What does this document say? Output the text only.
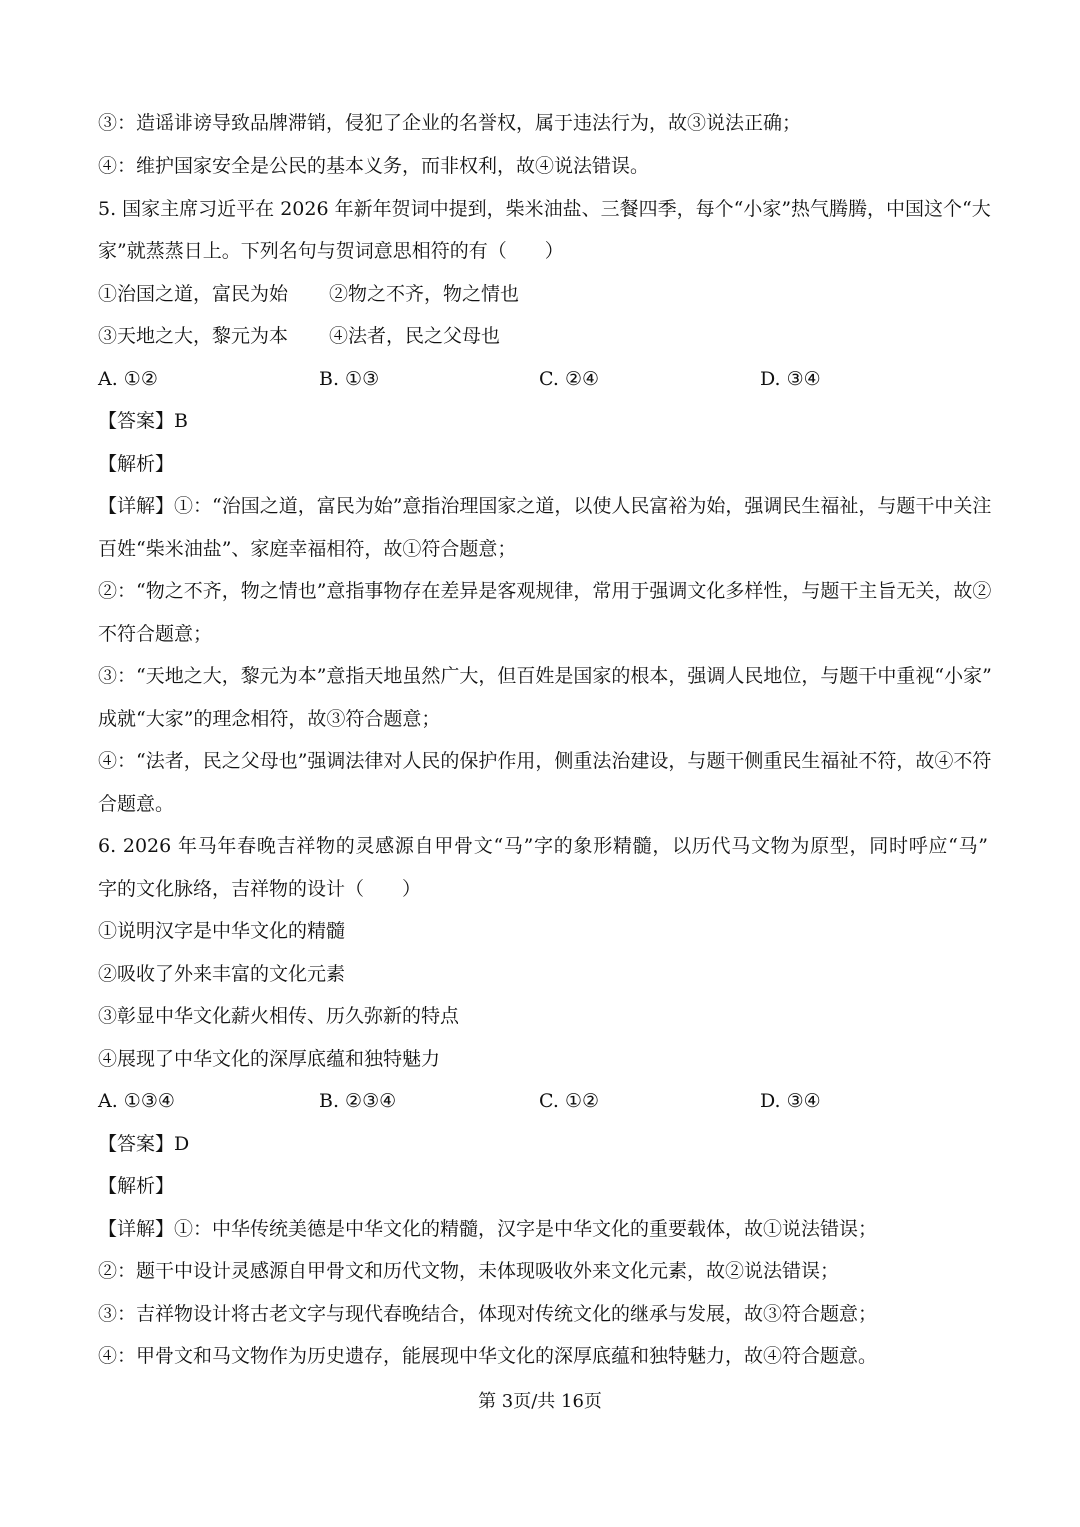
③：造谣诽谤导致品牌滞销，侵犯了企业的名誉权，属于违法行为，故③说法正确；
④：维护国家安全是公民的基本义务，而非权利，故④说法错误。
5. 国家主席习近平在 2026 年新年贺词中提到，柴米油盐、三餐四季，每个“小家”热气腾腾，中国这个“大
家”就蒸蒸日上。下列名句与贺词意思相符的有（　　）
①治国之道，富民为始 ②物之不齐，物之情也
③天地之大，黎元为本 ④法者，民之父母也
A. ①②	B. ①③	C. ②④	D. ③④
【答案】B
【解析】
【详解】①：“治国之道，富民为始”意指治理国家之道，以使人民富裕为始，强调民生福祉，与题干中关注
百姓“柴米油盐”、家庭幸福相符，故①符合题意；
②：“物之不齐，物之情也”意指事物存在差异是客观规律，常用于强调文化多样性，与题干主旨无关，故②
不符合题意；
③：“天地之大，黎元为本”意指天地虽然广大，但百姓是国家的根本，强调人民地位，与题干中重视“小家”
成就“大家”的理念相符，故③符合题意；
④：“法者，民之父母也”强调法律对人民的保护作用，侧重法治建设，与题干侧重民生福祉不符，故④不符
合题意。
6. 2026 年马年春晚吉祥物的灵感源自甲骨文“马”字的象形精髓，以历代马文物为原型，同时呼应“马”
字的文化脉络，吉祥物的设计（　　）
①说明汉字是中华文化的精髓
②吸收了外来丰富的文化元素
③彰显中华文化薪火相传、历久弥新的特点
④展现了中华文化的深厚底蕴和独特魅力
A. ①③④	B. ②③④	C. ①②	D. ③④
【答案】D
【解析】
【详解】①：中华传统美德是中华文化的精髓，汉字是中华文化的重要载体，故①说法错误；
②：题干中设计灵感源自甲骨文和历代文物，未体现吸收外来文化元素，故②说法错误；
③：吉祥物设计将古老文字与现代春晚结合，体现对传统文化的继承与发展，故③符合题意；
④：甲骨文和马文物作为历史遗存，能展现中华文化的深厚底蕴和独特魅力，故④符合题意。
第 3页/共 16页
